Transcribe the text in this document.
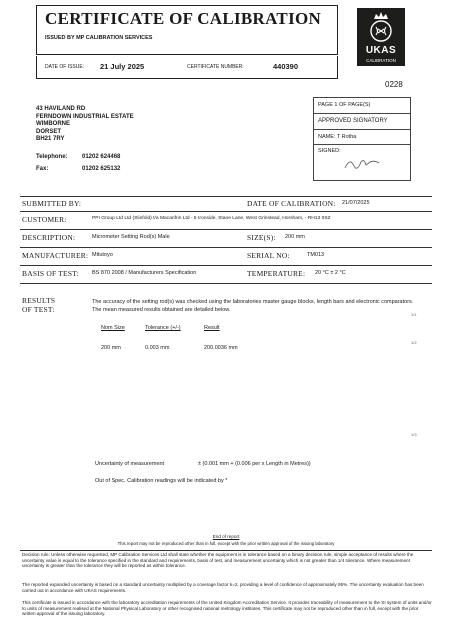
CERTIFICATE OF CALIBRATION
ISSUED BY MP CALIBRATION SERVICES
DATE OF ISSUE: 21 July 2025	CERTIFICATE NUMBER:	440390
UKAS
CALIBRATION
0228
43 HAVILAND RD
FERNDOWN INDUSTRIAL ESTATE
WIMBORNE
DORSET
BH21 7RY
Telephone: 01202 624468
Fax:	01202 625132
PAGE 1 OF PAGE(S)
APPROVED SIGNATORY
NAME: T Rotha
SIGNED:
SUBMITTED BY:	DATE OF CALIBRATION: 21/07/2025
CUSTOMER:	PPI Group Ltd Ltd (Slinfold) t/a Macanfrin Ltd - 5 Ironside, Stane Lane, West Grinstead, Horsham, - RH13 0SZ
DESCRIPTION:	Micrometer Setting Rod(s) Male	SIZE(S): 200 mm
MANUFACTURER: Mitutoyo	SERIAL NO:	TM013
BASIS OF TEST: BS 870 2008 / Manufacturers Specification	TEMPERATURE: 20 °C ± 2 °C
RESULTS
OF TEST:
The accuracy of the setting rod(s) was checked using the laboratories master gauge blocks, length bars and electronic comparators. The mean measured results obtained are detailed below.
Nom Size	Tolerance (+/-)	Result
200 mm	0.003 mm	200.0036 mm
Uncertainty of measurement	± (0.001 mm + (0.006 per x Length in Metres))
Out of Spec. Calibration readings will be indicated by *
1/1
1/2
1/3
End of report
This report may not be reproduced other than in full, except with the prior written approval of the issuing laboratory
Decision rule: Unless otherwise requested, MP Calibration Services Ltd shall state whether the equipment is in tolerance based on a binary decision rule, simple acceptance of results where the uncertainty value is equal to the tolerance specified in the standard and requirements, basis of test, and measurement uncertainty which is not greater than 1/4 tolerance. Where measurement uncertainty is greater than the tolerance they will be reported as within tolerance.
The reported expanded uncertainty is based on a standard uncertainty multiplied by a coverage factor k=2, providing a level of confidence of approximately 95%. The uncertainty evaluation has been carried out in accordance with UKAS requirements.
This certificate is issued in accordance with the laboratory accreditation requirements of the United Kingdom Accreditation Service. It provides traceability of measurement to the SI system of units and/or to units of measurement realised at the National Physical Laboratory or other recognised national metrology institutes. This certificate may not be reproduced other than in full, except with the prior written approval of the issuing laboratory.
